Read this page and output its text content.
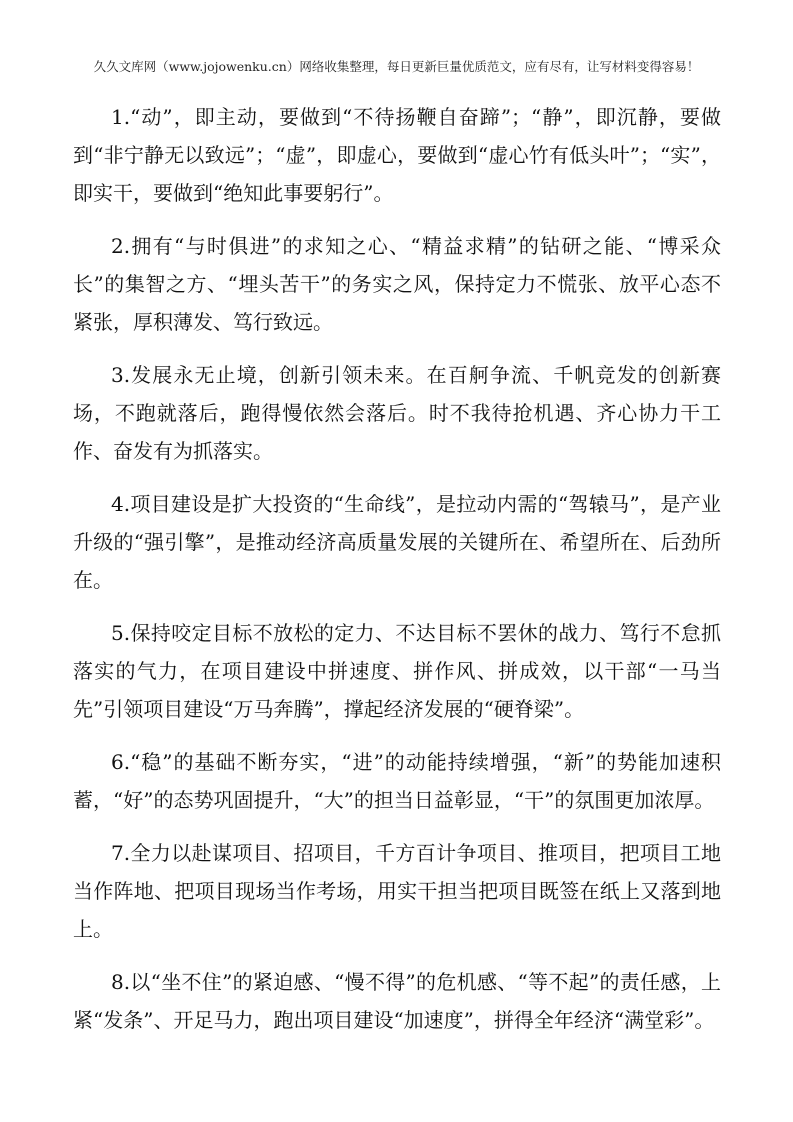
久久文库网（www.jojowenku.cn）网络收集整理，每日更新巨量优质范文，应有尽有，让写材料变得容易！

1.“动”，即主动，要做到“不待扬鞭自奋蹄”；“静”，即沉静，要做到“非宁静无以致远”；“虚”，即虚心，要做到“虚心竹有低头叶”；“实”，即实干，要做到“绝知此事要躬行”。

2.拥有“与时俱进”的求知之心、“精益求精”的钻研之能、“博采众长”的集智之方、“埋头苦干”的务实之风，保持定力不慌张、放平心态不紧张，厚积薄发、笃行致远。

3.发展永无止境，创新引领未来。在百舸争流、千帆竞发的创新赛场，不跑就落后，跑得慢依然会落后。时不我待抢机遇、齐心协力干工作、奋发有为抓落实。

4.项目建设是扩大投资的“生命线”，是拉动内需的“驾辕马”，是产业升级的“强引擎”，是推动经济高质量发展的关键所在、希望所在、后劲所在。

5.保持咬定目标不放松的定力、不达目标不罢休的战力、笃行不怠抓落实的气力，在项目建设中拼速度、拼作风、拼成效，以干部“一马当先”引领项目建设“万马奔腾”，撑起经济发展的“硬脊梁”。

6.“稳”的基础不断夯实，“进”的动能持续增强，“新”的势能加速积蓄，“好”的态势巩固提升，“大”的担当日益彰显，“干”的氛围更加浓厚。

7.全力以赴谋项目、招项目，千方百计争项目、推项目，把项目工地当作阵地、把项目现场当作考场，用实干担当把项目既签在纸上又落到地上。

8.以“坐不住”的紧迫感、“慢不得”的危机感、“等不起”的责任感，上紧“发条”、开足马力，跑出项目建设“加速度”，拼得全年经济“满堂彩”。
